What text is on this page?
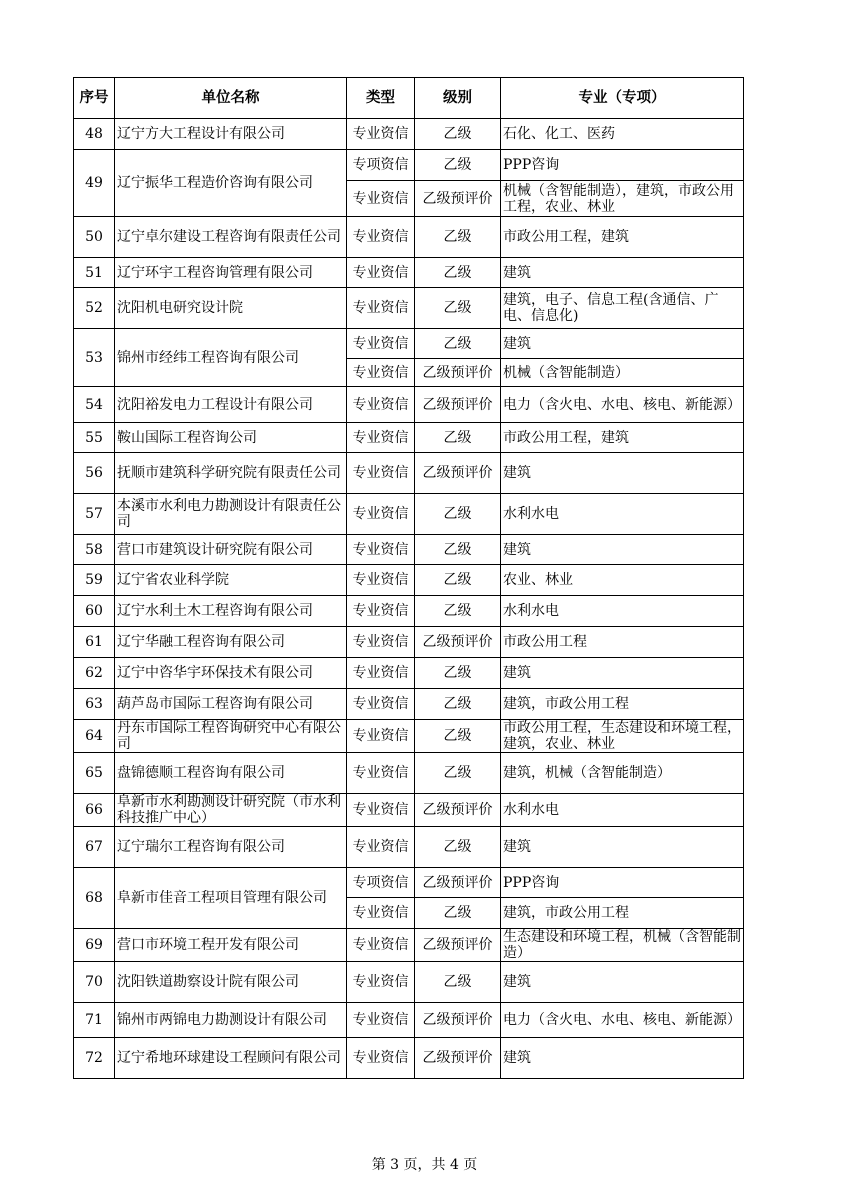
序号	单位名称	类型	级别	专业（专项）
48	辽宁方大工程设计有限公司	专业资信	乙级	石化、化工、医药
49	辽宁振华工程造价咨询有限公司	专项资信	乙级	PPP咨询
		专业资信	乙级预评价	机械（含智能制造），建筑，市政公用工程，农业、林业
50	辽宁卓尔建设工程咨询有限责任公司	专业资信	乙级	市政公用工程，建筑
51	辽宁环宇工程咨询管理有限公司	专业资信	乙级	建筑
52	沈阳机电研究设计院	专业资信	乙级	建筑，电子、信息工程(含通信、广电、信息化)
53	锦州市经纬工程咨询有限公司	专业资信	乙级	建筑
		专业资信	乙级预评价	机械（含智能制造）
54	沈阳裕发电力工程设计有限公司	专业资信	乙级预评价	电力（含火电、水电、核电、新能源）
55	鞍山国际工程咨询公司	专业资信	乙级	市政公用工程，建筑
56	抚顺市建筑科学研究院有限责任公司	专业资信	乙级预评价	建筑
57	本溪市水利电力勘测设计有限责任公司	专业资信	乙级	水利水电
58	营口市建筑设计研究院有限公司	专业资信	乙级	建筑
59	辽宁省农业科学院	专业资信	乙级	农业、林业
60	辽宁水利土木工程咨询有限公司	专业资信	乙级	水利水电
61	辽宁华融工程咨询有限公司	专业资信	乙级预评价	市政公用工程
62	辽宁中咨华宇环保技术有限公司	专业资信	乙级	建筑
63	葫芦岛市国际工程咨询有限公司	专业资信	乙级	建筑，市政公用工程
64	丹东市国际工程咨询研究中心有限公司	专业资信	乙级	市政公用工程，生态建设和环境工程，建筑，农业、林业
65	盘锦德顺工程咨询有限公司	专业资信	乙级	建筑，机械（含智能制造）
66	阜新市水利勘测设计研究院（市水利科技推广中心）	专业资信	乙级预评价	水利水电
67	辽宁瑞尔工程咨询有限公司	专业资信	乙级	建筑
68	阜新市佳音工程项目管理有限公司	专项资信	乙级预评价	PPP咨询
		专业资信	乙级	建筑，市政公用工程
69	营口市环境工程开发有限公司	专业资信	乙级预评价	生态建设和环境工程，机械（含智能制造）
70	沈阳铁道勘察设计院有限公司	专业资信	乙级	建筑
71	锦州市两锦电力勘测设计有限公司	专业资信	乙级预评价	电力（含火电、水电、核电、新能源）
72	辽宁希地环球建设工程顾问有限公司	专业资信	乙级预评价	建筑
第 3 页，共 4 页
